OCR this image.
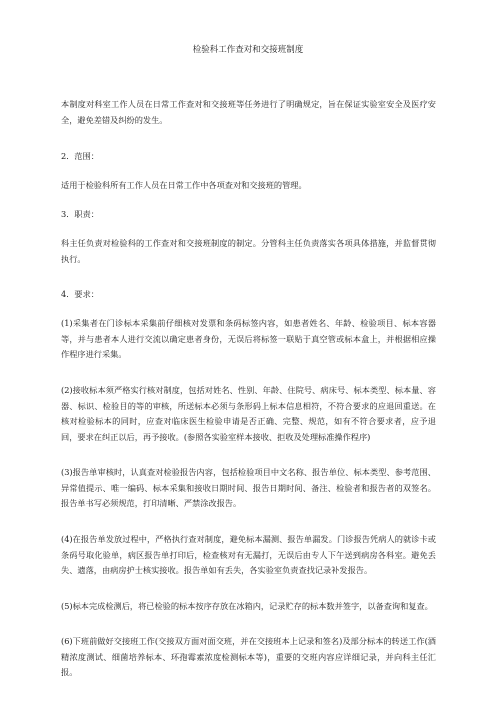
检验科工作查对和交接班制度
本制度对科室工作人员在日常工作查对和交接班等任务进行了明确规定，旨在保证实验室安全及医疗安全，避免差错及纠纷的发生。
2．范围：
适用于检验科所有工作人员在日常工作中各项查对和交接班的管理。
3．职责：
科主任负责对检验科的工作查对和交接班制度的制定。分管科主任负责落实各项具体措施，并监督贯彻执行。
4．要求：
(1)采集者在门诊标本采集前仔细核对发票和条码标签内容，如患者姓名、年龄、检验项目、标本容器等，并与患者本人进行交流以确定患者身份，无误后将标签一联贴于真空管或标本盒上，并根据相应操作程序进行采集。
(2)接收标本须严格实行核对制度，包括对姓名、性别、年龄、住院号、病床号、标本类型、标本量、容器、标识、检验目的等的审核，所送标本必须与条形码上标本信息相符，不符合要求的应退回重送。在核对检验标本的同时，应查对临床医生检验申请是否正确、完整、规范，如有不符合要求者，应予退回，要求在纠正以后，再予接收。(参照各实验室样本接收、拒收及处理标准操作程序)
(3)报告单审核时，认真查对检验报告内容，包括检验项目中文名称、报告单位、标本类型、参考范围、异常值提示、唯一编码、标本采集和接收日期时间、报告日期时间、备注、检验者和报告者的双签名。报告单书写必须规范，打印清晰、严禁涂改报告。
(4)在报告单发放过程中，严格执行查对制度，避免标本漏测、报告单漏发。门诊报告凭病人的就诊卡或条码号取化验单，病区报告单打印后，检查核对有无漏打，无误后由专人下午送到病房各科室。避免丢失、遗落，由病房护士核实接收。报告单如有丢失，各实验室负责查找记录补发报告。
(5)标本完成检测后，将已检验的标本按序存放在冰箱内，记录贮存的标本数并签字，以备查询和复查。
(6)下班前做好交接班工作(交接双方面对面交班，并在交接班本上记录和签名)及部分标本的转送工作(酒精浓度测试、细菌培养标本、环孢霉素浓度检测标本等)，重要的交班内容应详细记录，并向科主任汇报。
